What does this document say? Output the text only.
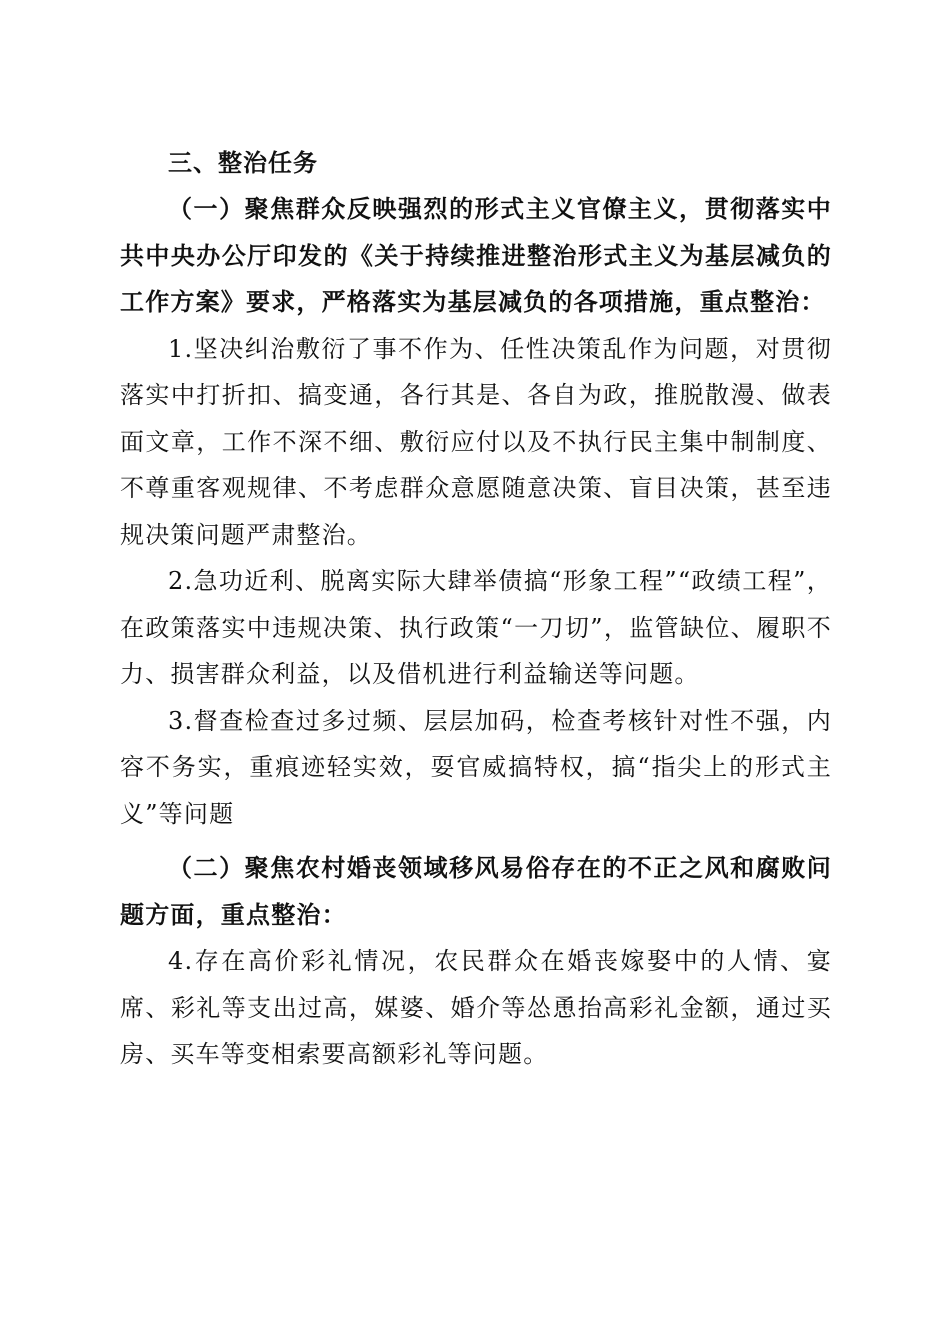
三、整治任务

（一）聚焦群众反映强烈的形式主义官僚主义，贯彻落实中共中央办公厅印发的《关于持续推进整治形式主义为基层减负的工作方案》要求，严格落实为基层减负的各项措施，重点整治：

1.坚决纠治敷衍了事不作为、任性决策乱作为问题，对贯彻落实中打折扣、搞变通，各行其是、各自为政，推脱散漫、做表面文章，工作不深不细、敷衍应付以及不执行民主集中制制度、不尊重客观规律、不考虑群众意愿随意决策、盲目决策，甚至违规决策问题严肃整治。

2.急功近利、脱离实际大肆举债搞“形象工程”“政绩工程”，在政策落实中违规决策、执行政策“一刀切”，监管缺位、履职不力、损害群众利益，以及借机进行利益输送等问题。

3.督查检查过多过频、层层加码，检查考核针对性不强，内容不务实，重痕迹轻实效，耍官威搞特权，搞“指尖上的形式主义”等问题

（二）聚焦农村婚丧领域移风易俗存在的不正之风和腐败问题方面，重点整治：

4.存在高价彩礼情况，农民群众在婚丧嫁娶中的人情、宴席、彩礼等支出过高，媒婆、婚介等怂恿抬高彩礼金额，通过买房、买车等变相索要高额彩礼等问题。
